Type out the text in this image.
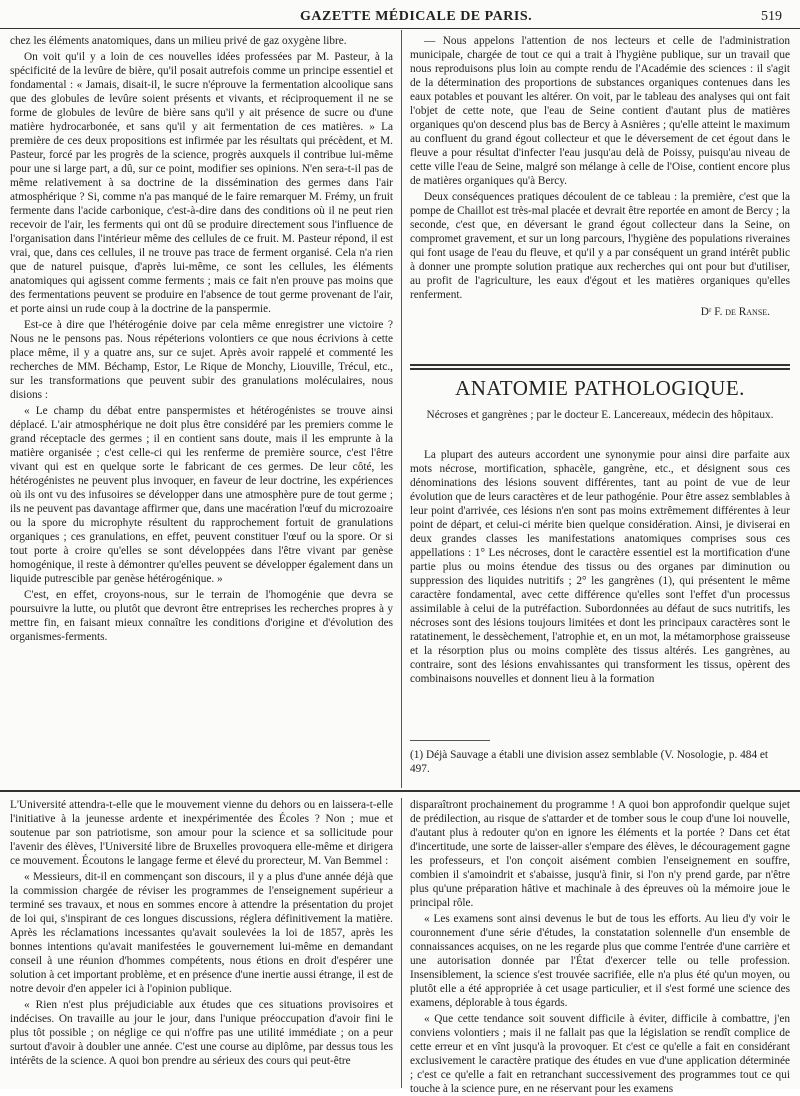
GAZETTE MÉDICALE DE PARIS.	519

chez les éléments anatomiques, dans un milieu privé de gaz oxygène libre.

On voit qu'il y a loin de ces nouvelles idées professées par M. Pasteur, à la spécificité de la levûre de bière, qu'il posait autrefois comme un principe essentiel et fondamental : « Jamais, disait-il, le sucre n'éprouve la fermentation alcoolique sans que des globules de levûre soient présents et vivants, et réciproquement il ne se forme de globules de levûre de bière sans qu'il y ait présence de sucre ou d'une matière hydrocarbonée, et sans qu'il y ait fermentation de ces matières. » La première de ces deux propositions est infirmée par les résultats qui précèdent, et M. Pasteur, forcé par les progrès de la science, progrès auxquels il contribue lui-même pour une si large part, a dû, sur ce point, modifier ses opinions. N'en sera-t-il pas de même relativement à sa doctrine de la dissémination des germes dans l'air atmosphérique ? Si, comme n'a pas manqué de le faire remarquer M. Frémy, un fruit fermente dans l'acide carbonique, c'est-à-dire dans des conditions où il ne peut rien recevoir de l'air, les ferments qui ont dû se produire directement sous l'influence de l'organisation dans l'intérieur même des cellules de ce fruit. M. Pasteur répond, il est vrai, que, dans ces cellules, il ne trouve pas trace de ferment organisé. Cela n'a rien que de naturel puisque, d'après lui-même, ce sont les cellules, les éléments anatomiques qui agissent comme ferments ; mais ce fait n'en prouve pas moins que des fermentations peuvent se produire en l'absence de tout germe provenant de l'air, et porte ainsi un rude coup à la doctrine de la panspermie.

Est-ce à dire que l'hétérogénie doive par cela même enregistrer une victoire ? Nous ne le pensons pas. Nous répéterions volontiers ce que nous écrivions à cette place même, il y a quatre ans, sur ce sujet. Après avoir rappelé et commenté les recherches de MM. Béchamp, Estor, Le Rique de Monchy, Liouville, Trécul, etc., sur les transformations que peuvent subir des granulations moléculaires, nous disions :

« Le champ du débat entre panspermistes et hétérogénistes se trouve ainsi déplacé. L'air atmosphérique ne doit plus être considéré par les premiers comme le grand réceptacle des germes ; il en contient sans doute, mais il les emprunte à la matière organisée ; c'est celle-ci qui les renferme de première source, c'est l'être vivant qui est en quelque sorte le fabricant de ces germes. De leur côté, les hétérogénistes ne peuvent plus invoquer, en faveur de leur doctrine, les expériences où ils ont vu des infusoires se développer dans une atmosphère pure de tout germe ; ils ne peuvent pas davantage affirmer que, dans une macération l'œuf du microzoaire ou la spore du microphyte résultent du rapprochement fortuit de granulations organiques ; ces granulations, en effet, peuvent constituer l'œuf ou la spore. Or si tout porte à croire qu'elles se sont développées dans l'être vivant par genèse homogénique, il reste à démontrer qu'elles peuvent se développer également dans un liquide putrescible par genèse hétérogénique. »

C'est, en effet, croyons-nous, sur le terrain de l'homogénie que devra se poursuivre la lutte, ou plutôt que devront être entreprises les recherches propres à y mettre fin, en faisant mieux connaître les conditions d'origine et d'évolution des organismes-ferments.

— Nous appelons l'attention de nos lecteurs et celle de l'administration municipale, chargée de tout ce qui a trait à l'hygiène publique, sur un travail que nous reproduisons plus loin au compte rendu de l'Académie des sciences : il s'agit de la détermination des proportions de substances organiques contenues dans les eaux potables et pouvant les altérer. On voit, par le tableau des analyses qui ont fait l'objet de cette note, que l'eau de Seine contient d'autant plus de matières organiques qu'on descend plus bas de Bercy à Asnières ; qu'elle atteint le maximum au confluent du grand égout collecteur et que le déversement de cet égout dans le fleuve a pour résultat d'infecter l'eau jusqu'au delà de Poissy, puisqu'au niveau de cette ville l'eau de Seine, malgré son mélange à celle de l'Oise, contient encore plus de matières organiques qu'à Bercy.

Deux conséquences pratiques découlent de ce tableau : la première, c'est que la pompe de Chaillot est très-mal placée et devrait être reportée en amont de Bercy ; la seconde, c'est que, en déversant le grand égout collecteur dans la Seine, on compromet gravement, et sur un long parcours, l'hygiène des populations riveraines qui font usage de l'eau du fleuve, et qu'il y a par conséquent un grand intérêt public à donner une prompte solution pratique aux recherches qui ont pour but d'utiliser, au profit de l'agriculture, les eaux d'égout et les matières organiques qu'elles renferment.

Dʳ F. de Ranse.
ANATOMIE PATHOLOGIQUE.
Nécroses et gangrènes ; par le docteur E. Lancereaux, médecin des hôpitaux.

La plupart des auteurs accordent une synonymie pour ainsi dire parfaite aux mots nécrose, mortification, sphacèle, gangrène, etc., et désignent sous ces dénominations des lésions souvent différentes, tant au point de vue de leur évolution que de leurs caractères et de leur pathogénie. Pour être assez semblables à leur point d'arrivée, ces lésions n'en sont pas moins extrêmement différentes à leur point de départ, et celui-ci mérite bien quelque considération. Ainsi, je diviserai en deux grandes classes les manifestations anatomiques comprises sous ces appellations : 1° Les nécroses, dont le caractère essentiel est la mortification d'une partie plus ou moins étendue des tissus ou des organes par diminution ou suppression des liquides nutritifs ; 2° les gangrènes (1), qui présentent le même caractère fondamental, avec cette différence qu'elles sont l'effet d'un processus assimilable à celui de la putréfaction. Subordonnées au défaut de sucs nutritifs, les nécroses sont des lésions toujours limitées et dont les principaux caractères sont le ratatinement, le dessèchement, l'atrophie et, en un mot, la métamorphose graisseuse et la résorption plus ou moins complète des tissus altérés. Les gangrènes, au contraire, sont des lésions envahissantes qui transforment les tissus, opèrent des combinaisons nouvelles et donnent lieu à la formation

(1) Déjà Sauvage a établi une division assez semblable (V. Nosologie, p. 484 et 497.

L'Université attendra-t-elle que le mouvement vienne du dehors ou en laissera-t-elle l'initiative à la jeunesse ardente et inexpérimentée des Écoles ? Non ; mue et soutenue par son patriotisme, son amour pour la science et sa sollicitude pour l'avenir des élèves, l'Université libre de Bruxelles provoquera elle-même et dirigera ce mouvement. Écoutons le langage ferme et élevé du prorecteur, M. Van Bemmel :

« Messieurs, dit-il en commençant son discours, il y a plus d'une année déjà que la commission chargée de réviser les programmes de l'enseignement supérieur a terminé ses travaux, et nous en sommes encore à attendre la présentation du projet de loi qui, s'inspirant de ces longues discussions, réglera définitivement la matière. Après les réclamations incessantes qu'avait soulevées la loi de 1857, après les bonnes intentions qu'avait manifestées le gouvernement lui-même en demandant conseil à une réunion d'hommes compétents, nous étions en droit d'espérer une solution à cet important problème, et en présence d'une inertie aussi étrange, il est de notre devoir d'en appeler ici à l'opinion publique.

« Rien n'est plus préjudiciable aux études que ces situations provisoires et indécises. On travaille au jour le jour, dans l'unique préoccupation d'avoir fini le plus tôt possible ; on néglige ce qui n'offre pas une utilité immédiate ; on a peur surtout d'avoir à doubler une année. C'est une course au diplôme, par dessus tous les intérêts de la science. A quoi bon prendre au sérieux des cours qui peut-être

disparaîtront prochainement du programme ! A quoi bon approfondir quelque sujet de prédilection, au risque de s'attarder et de tomber sous le coup d'une loi nouvelle, d'autant plus à redouter qu'on en ignore les éléments et la portée ? Dans cet état d'incertitude, une sorte de laisser-aller s'empare des élèves, le découragement gagne les professeurs, et l'on conçoit aisément combien l'enseignement en souffre, combien il s'amoindrit et s'abaisse, jusqu'à finir, si l'on n'y prend garde, par n'être plus qu'une préparation hâtive et machinale à des épreuves où la mémoire joue le principal rôle.

« Les examens sont ainsi devenus le but de tous les efforts. Au lieu d'y voir le couronnement d'une série d'études, la constatation solennelle d'un ensemble de connaissances acquises, on ne les regarde plus que comme l'entrée d'une carrière et une autorisation donnée par l'État d'exercer telle ou telle profession. Insensiblement, la science s'est trouvée sacrifiée, elle n'a plus été qu'un moyen, ou plutôt elle a été appropriée à cet usage particulier, et il s'est formé une science des examens, déplorable à tous égards.

« Que cette tendance soit souvent difficile à éviter, difficile à combattre, j'en conviens volontiers ; mais il ne fallait pas que la législation se rendît complice de cette erreur et en vînt jusqu'à la provoquer. Et c'est ce qu'elle a fait en considérant exclusivement le caractère pratique des études en vue d'une application déterminée ; c'est ce qu'elle a fait en retranchant successivement des programmes tout ce qui touche à la science pure, en ne réservant pour les examens
